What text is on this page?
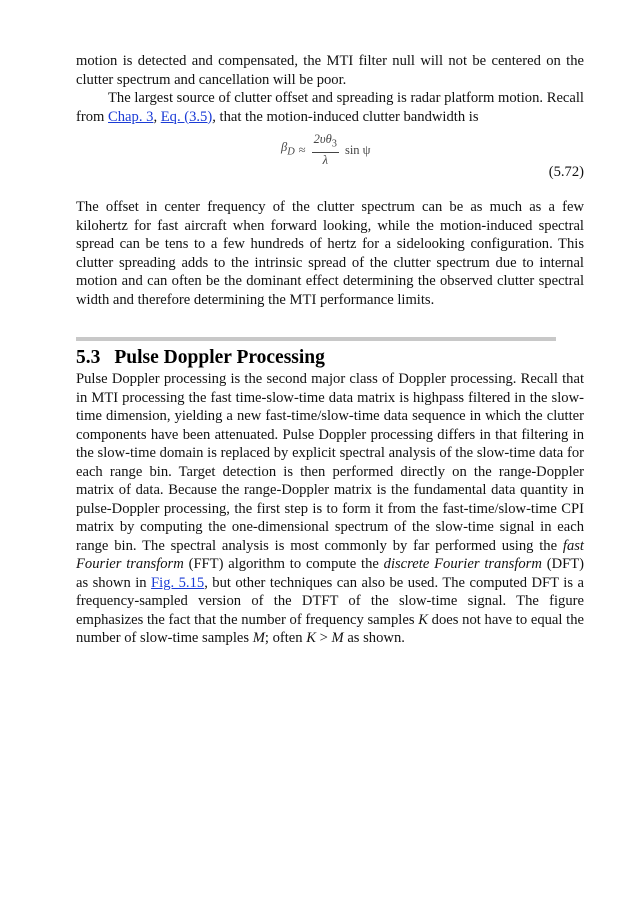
motion is detected and compensated, the MTI filter null will not be centered on the clutter spectrum and cancellation will be poor.

The largest source of clutter offset and spreading is radar platform motion. Recall from Chap. 3, Eq. (3.5), that the motion-induced clutter bandwidth is

$\beta_D \approx \frac{2\upsilon\theta_3}{\lambda}$ sin ψ
(5.72)

The offset in center frequency of the clutter spectrum can be as much as a few kilohertz for fast aircraft when forward looking, while the motion-induced spectral spread can be tens to a few hundreds of hertz for a sidelooking configuration. This clutter spreading adds to the intrinsic spread of the clutter spectrum due to internal motion and can often be the dominant effect determining the observed clutter spectral width and therefore determining the MTI performance limits.

5.3 Pulse Doppler Processing

Pulse Doppler processing is the second major class of Doppler processing. Recall that in MTI processing the fast time-slow-time data matrix is highpass filtered in the slow-time dimension, yielding a new fast-time/slow-time data sequence in which the clutter components have been attenuated. Pulse Doppler processing differs in that filtering in the slow-time domain is replaced by explicit spectral analysis of the slow-time data for each range bin. Target detection is then performed directly on the range-Doppler matrix of data. Because the range-Doppler matrix is the fundamental data quantity in pulse-Doppler processing, the first step is to form it from the fast-time/slow-time CPI matrix by computing the one-dimensional spectrum of the slow-time signal in each range bin. The spectral analysis is most commonly by far performed using the fast Fourier transform (FFT) algorithm to compute the discrete Fourier transform (DFT) as shown in Fig. 5.15, but other techniques can also be used. The computed DFT is a frequency-sampled version of the DTFT of the slow-time signal. The figure emphasizes the fact that the number of frequency samples K does not have to equal the number of slow-time samples M; often K > M as shown.
